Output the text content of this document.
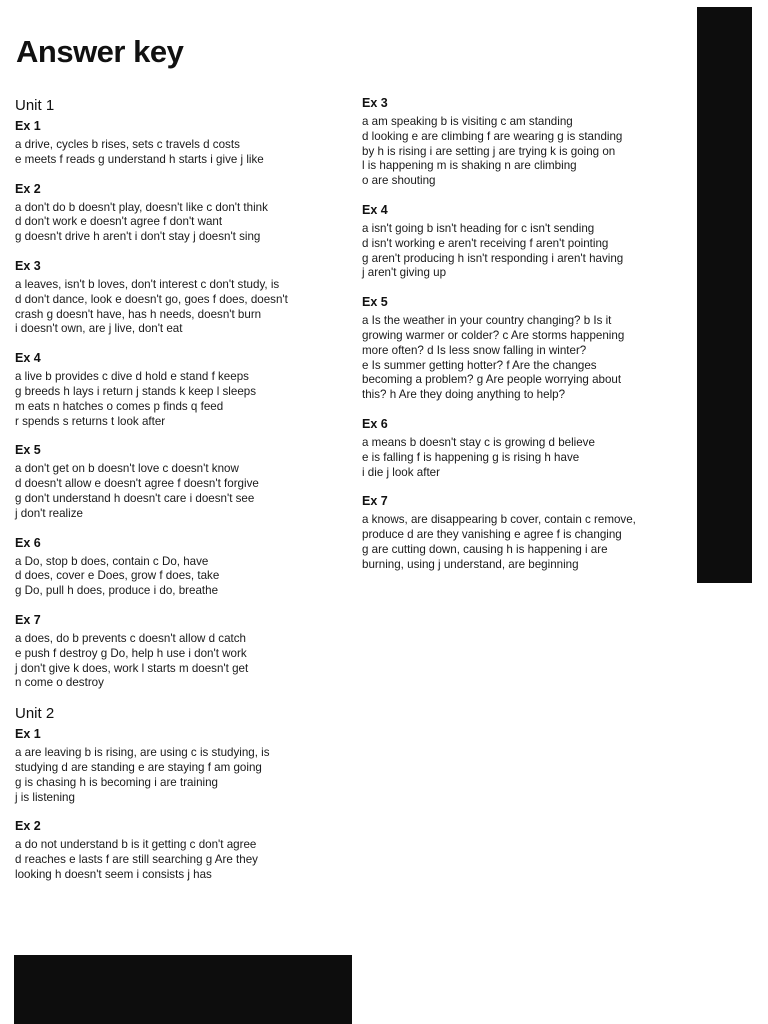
Answer key
Unit 1
Ex 1
a drive, cycles b rises, sets c travels d costs
e meets f reads g understand h starts i give j like
Ex 2
a don't do b doesn't play, doesn't like c don't think
d don't work e doesn't agree f don't want
g doesn't drive h aren't i don't stay j doesn't sing
Ex 3
a leaves, isn't b loves, don't interest c don't study, is
d don't dance, look e doesn't go, goes f does, doesn't
crash g doesn't have, has h needs, doesn't burn
i doesn't own, are j live, don't eat
Ex 4
a live b provides c dive d hold e stand f keeps
g breeds h lays i return j stands k keep l sleeps
m eats n hatches o comes p finds q feed
r spends s returns t look after
Ex 5
a don't get on b doesn't love c doesn't know
d doesn't allow e doesn't agree f doesn't forgive
g don't understand h doesn't care i doesn't see
j don't realize
Ex 6
a Do, stop b does, contain c Do, have
d does, cover e Does, grow f does, take
g Do, pull h does, produce i do, breathe
Ex 7
a does, do b prevents c doesn't allow d catch
e push f destroy g Do, help h use i don't work
j don't give k does, work l starts m doesn't get
n come o destroy
Unit 2
Ex 1
a are leaving b is rising, are using c is studying, is
studying d are standing e are staying f am going
g is chasing h is becoming i are training
j is listening
Ex 2
a do not understand b is it getting c don't agree
d reaches e lasts f are still searching g Are they
looking h doesn't seem i consists j has
Ex 3
a am speaking b is visiting c am standing
d looking e are climbing f are wearing g is standing
by h is rising i are setting j are trying k is going on
l is happening m is shaking n are climbing
o are shouting
Ex 4
a isn't going b isn't heading for c isn't sending
d isn't working e aren't receiving f aren't pointing
g aren't producing h isn't responding i aren't having
j aren't giving up
Ex 5
a Is the weather in your country changing? b Is it
growing warmer or colder? c Are storms happening
more often? d Is less snow falling in winter?
e Is summer getting hotter? f Are the changes
becoming a problem? g Are people worrying about
this? h Are they doing anything to help?
Ex 6
a means b doesn't stay c is growing d believe
e is falling f is happening g is rising h have
i die j look after
Ex 7
a knows, are disappearing b cover, contain c remove,
produce d are they vanishing e agree f is changing
g are cutting down, causing h is happening i are
burning, using j understand, are beginning
